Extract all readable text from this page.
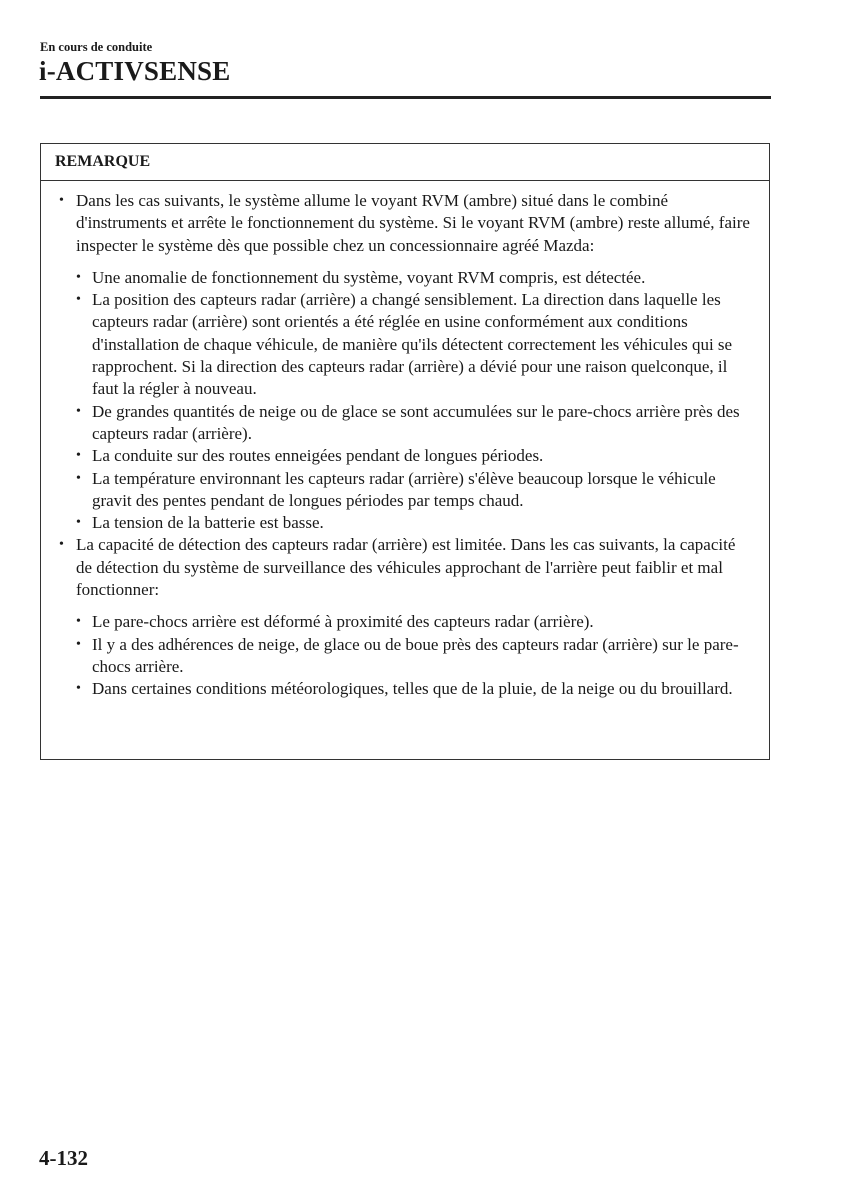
En cours de conduite
i-ACTIVSENSE
REMARQUE
• Dans les cas suivants, le système allume le voyant RVM (ambre) situé dans le combiné d'instruments et arrête le fonctionnement du système. Si le voyant RVM (ambre) reste allumé, faire inspecter le système dès que possible chez un concessionnaire agréé Mazda:
• Une anomalie de fonctionnement du système, voyant RVM compris, est détectée.
• La position des capteurs radar (arrière) a changé sensiblement. La direction dans laquelle les capteurs radar (arrière) sont orientés a été réglée en usine conformément aux conditions d'installation de chaque véhicule, de manière qu'ils détectent correctement les véhicules qui se rapprochent. Si la direction des capteurs radar (arrière) a dévié pour une raison quelconque, il faut la régler à nouveau.
• De grandes quantités de neige ou de glace se sont accumulées sur le pare-chocs arrière près des capteurs radar (arrière).
• La conduite sur des routes enneigées pendant de longues périodes.
• La température environnant les capteurs radar (arrière) s'élève beaucoup lorsque le véhicule gravit des pentes pendant de longues périodes par temps chaud.
• La tension de la batterie est basse.
• La capacité de détection des capteurs radar (arrière) est limitée. Dans les cas suivants, la capacité de détection du système de surveillance des véhicules approchant de l'arrière peut faiblir et mal fonctionner:
• Le pare-chocs arrière est déformé à proximité des capteurs radar (arrière).
• Il y a des adhérences de neige, de glace ou de boue près des capteurs radar (arrière) sur le pare-chocs arrière.
• Dans certaines conditions météorologiques, telles que de la pluie, de la neige ou du brouillard.
4-132
